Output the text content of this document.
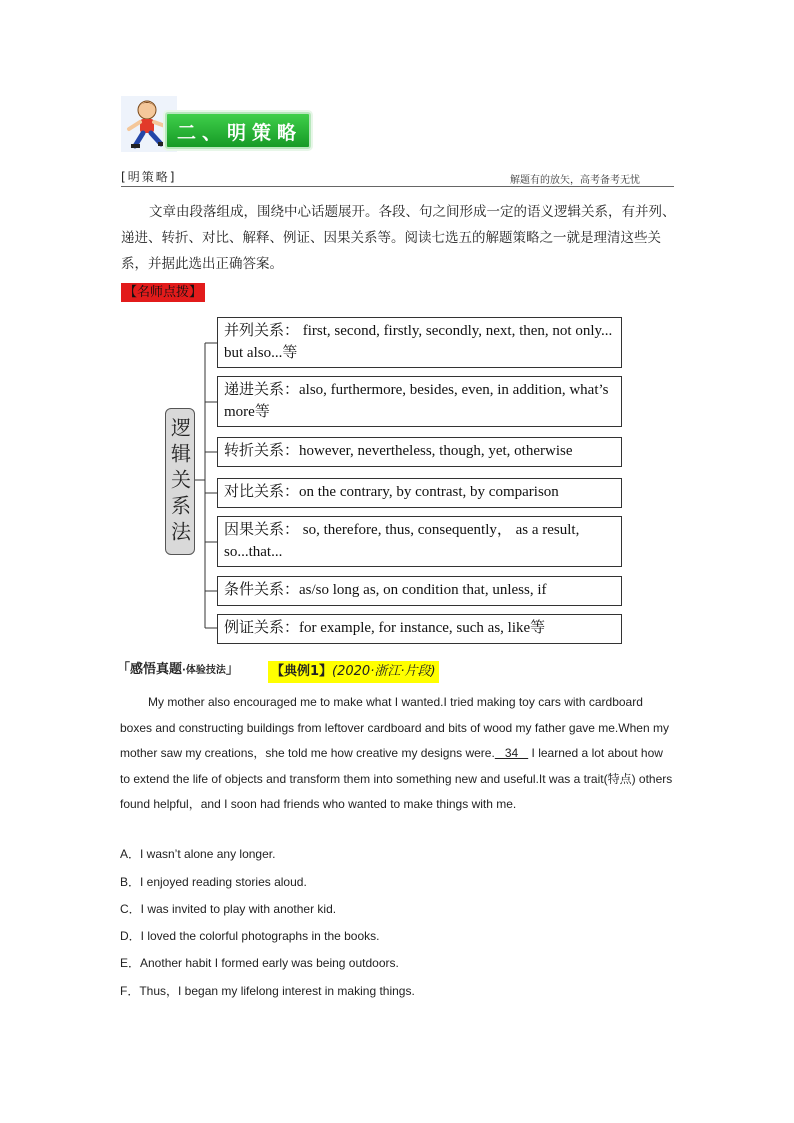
二、明策略
[明策略]	解题有的放矢，高考备考无忧
文章由段落组成，围绕中心话题展开。各段、句之间形成一定的语义逻辑关系，有并列、递进、转折、对比、解释、例证、因果关系等。阅读七选五的解题策略之一就是理清这些关系，并据此选出正确答案。
【名师点拨】
逻辑关系法
并列关系： first, second, firstly, secondly, next, then, not only... but also...等
递进关系：also, furthermore, besides, even, in addition, what’s more等
转折关系：however, nevertheless, though, yet, otherwise
对比关系：on the contrary, by contrast, by comparison
因果关系： so, therefore, thus, consequently， as a result, so...that...
条件关系：as/so long as, on condition that, unless, if
例证关系：for example, for instance, such as, like等
「感悟真题·体验技法」 【典例1】(2020·浙江·片段)
My mother also encouraged me to make what I wanted.I tried making toy cars with cardboard boxes and constructing buildings from leftover cardboard and bits of wood my father gave me.When my mother saw my creations，she told me how creative my designs were.   34    I learned a lot about how to extend the life of objects and transform them into something new and useful.It was a trait(特点) others found helpful，and I soon had friends who wanted to make things with me.
A．I wasn’t alone any longer.
B．I enjoyed reading stories aloud.
C．I was invited to play with another kid.
D．I loved the colorful photographs in the books.
E．Another habit I formed early was being outdoors.
F．Thus，I began my lifelong interest in making things.
